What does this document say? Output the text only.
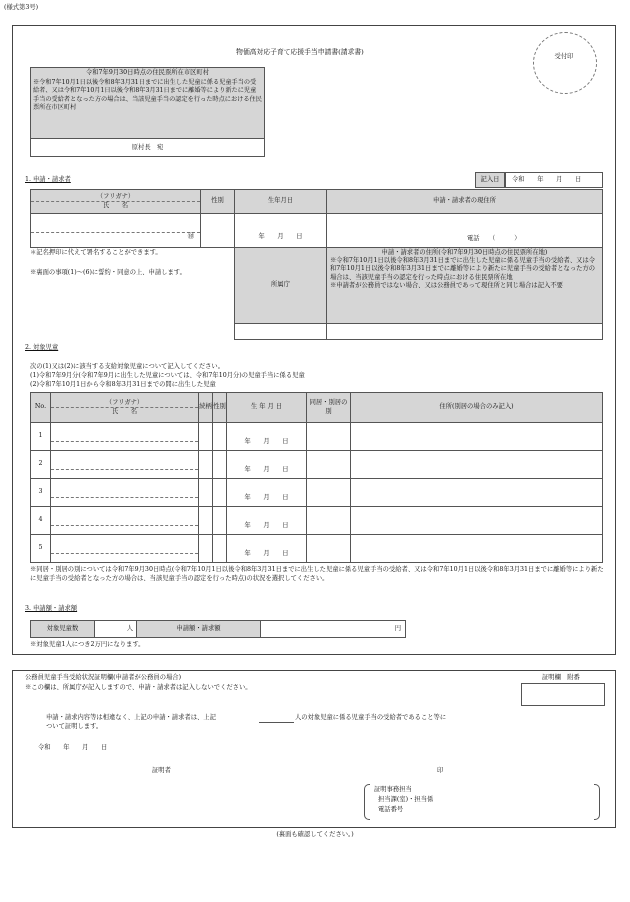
(様式第3号)
物価高対応子育て応援手当申請書(請求書)
受付印
令和7年9月30日時点の住民票所在市区町村
※令和7年10月1日以後令和8年3月31日までに出生した児童に係る児童手当の受給者、又は令和7年10月1日以後令和8年3月31日までに離婚等により新たに児童手当の受給者となった方の場合は、当該児童手当の認定を行った時点における住民票所在市区町村
原村長　宛
1. 申請・請求者	記入日	令和　　年　　月　　日
（フリガナ）
氏　　名	性別	生年月日	申請・請求者の現住所

㊞		年　　月　　日	電話　　（　　　）
＊記名押印に代えて署名することができます。
※裏面の事項(1)～(6)に誓約・同意の上、申請します。
所属庁	申請・請求者の住所(令和7年9月30日時点の住民票所在地)
※令和7年10月1日以後令和8年3月31日までに出生した児童に係る児童手当の受給者、又は令和7年10月1日以後令和8年3月31日までに離婚等により新たに児童手当の受給者となった方の場合は、当該児童手当の認定を行った時点における住民票所在地
※申請者が公務員ではない場合、又は公務員であって現住所と同じ場合は記入不要

2. 対象児童
次の(1)又は(2)に該当する支給対象児童について記入してください。
(1)令和7年9月分(令和7年9月に出生した児童については、令和7年10月分)の児童手当に係る児童
(2)令和7年10月1日から令和8年3月31日までの間に出生した児童
No.	（フリガナ）
氏　　名	続柄	性別	生 年 月 日	同居・別居の別	住所(別居の場合のみ記入)
1				年　　月　　日		

2				年　　月　　日		

3				年　　月　　日		

4				年　　月　　日		

5				年　　月　　日		

※同居・別居の別については令和7年9月30日時点(令和7年10月1日以後令和8年3月31日までに出生した児童に係る児童手当の受給者、又は令和7年10月1日以後令和8年3月31日までに離婚等により新たに児童手当の受給者となった方の場合は、当該児童手当の認定を行った時点)の状況を選択してください。
3. 申請額・請求額
対象児童数	人	申請額・請求額	円
※対象児童1人につき2万円になります。
公務員児童手当受給状況証明欄(申請者が公務員の場合)
※この欄は、所属庁が記入しますので、申請・請求者は記入しないでください。
証明欄　附番
申請・請求内容等は相違なく、上記の申請・請求者は、上記	人の対象児童に係る児童手当の受給者であること等に
ついて証明します。
令和　　年　　月　　日
証明者	印
証明事務担当
担当課(室)・担当係
電話番号
(裏面も確認してください。)
